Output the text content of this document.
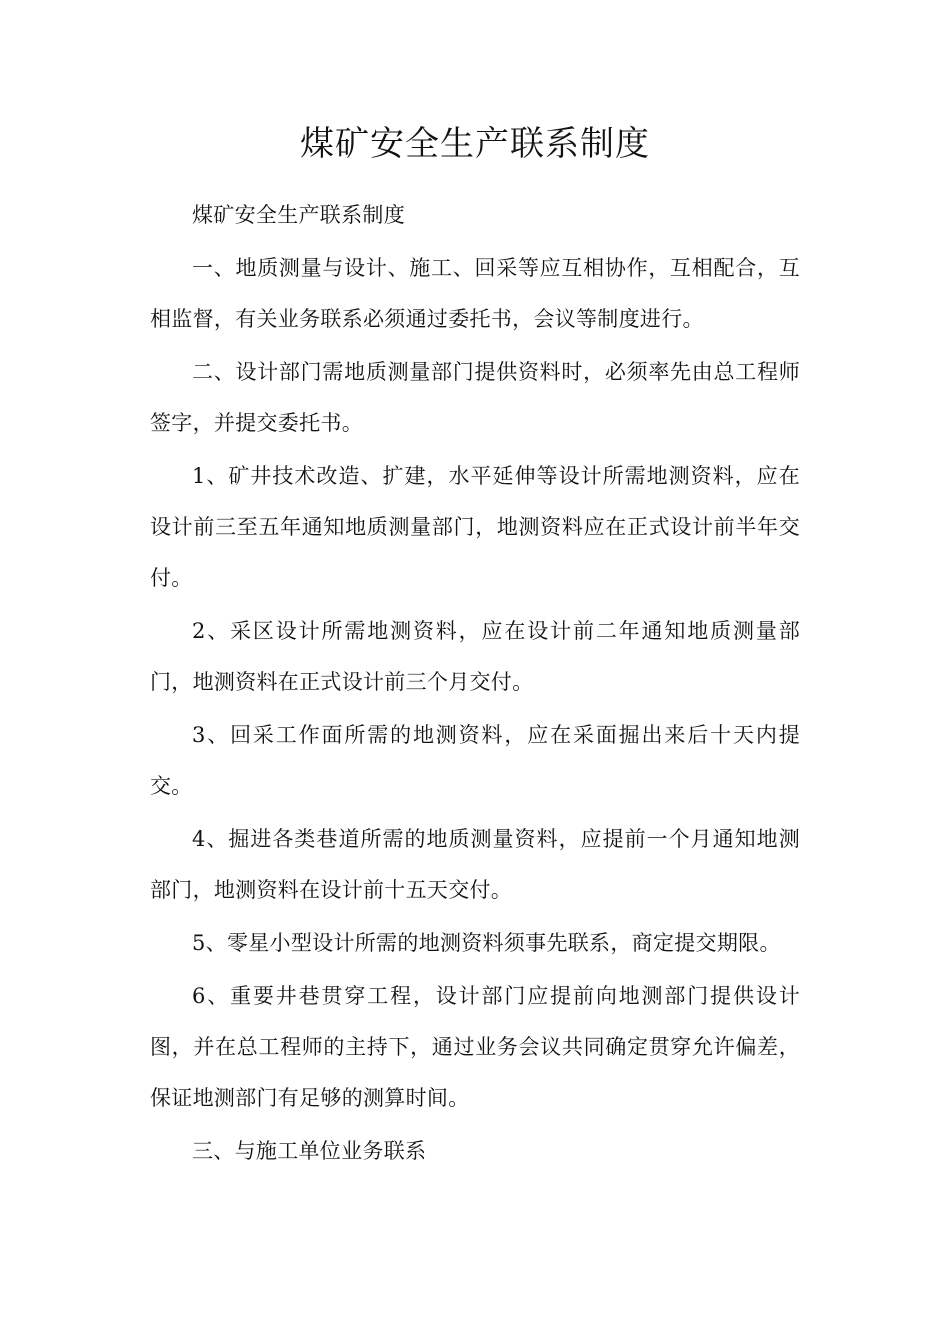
煤矿安全生产联系制度

煤矿安全生产联系制度

一、地质测量与设计、施工、回采等应互相协作，互相配合，互相监督，有关业务联系必须通过委托书，会议等制度进行。

二、设计部门需地质测量部门提供资料时，必须率先由总工程师签字，并提交委托书。

1、矿井技术改造、扩建，水平延伸等设计所需地测资料，应在设计前三至五年通知地质测量部门，地测资料应在正式设计前半年交付。

2、采区设计所需地测资料，应在设计前二年通知地质测量部门，地测资料在正式设计前三个月交付。

3、回采工作面所需的地测资料，应在采面掘出来后十天内提交。

4、掘进各类巷道所需的地质测量资料，应提前一个月通知地测部门，地测资料在设计前十五天交付。

5、零星小型设计所需的地测资料须事先联系，商定提交期限。

6、重要井巷贯穿工程，设计部门应提前向地测部门提供设计图，并在总工程师的主持下，通过业务会议共同确定贯穿允许偏差，保证地测部门有足够的测算时间。

三、与施工单位业务联系
